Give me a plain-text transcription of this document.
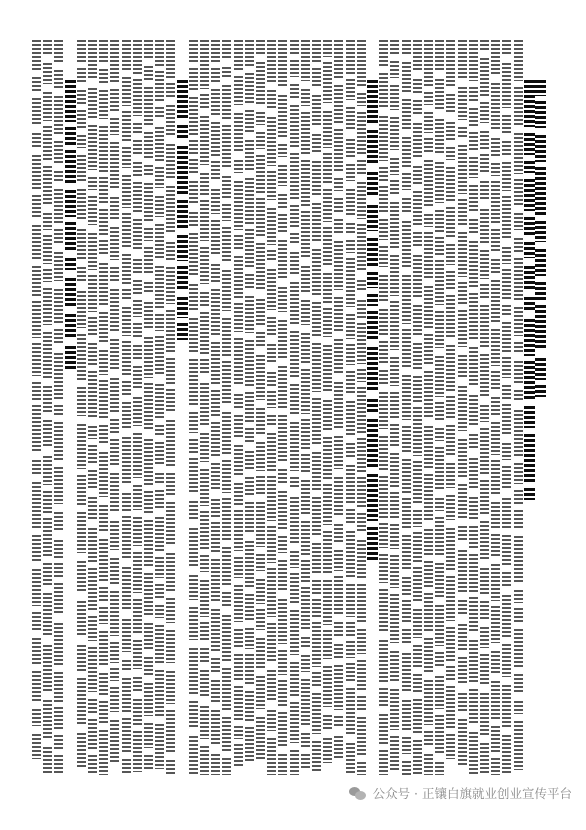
公众号 · 正镶白旗就业创业宣传平台
